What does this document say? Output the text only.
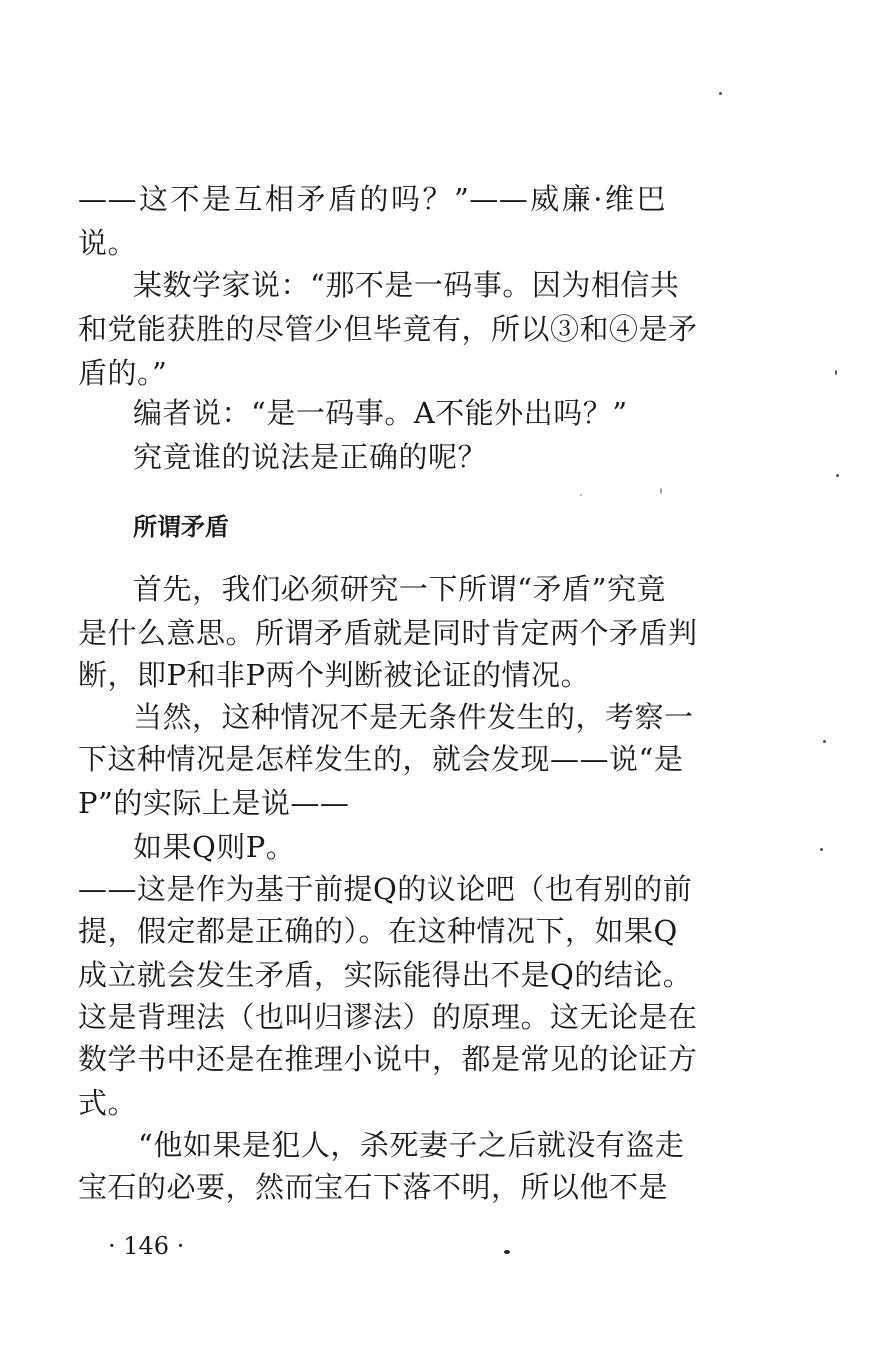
——这不是互相矛盾的吗？”——威廉·维巴
说。
某数学家说：“那不是一码事。因为相信共
和党能获胜的尽管少但毕竟有，所以③和④是矛
盾的。”
编者说：“是一码事。A不能外出吗？”
究竟谁的说法是正确的呢？
所谓矛盾
首先，我们必须研究一下所谓“矛盾”究竟
是什么意思。所谓矛盾就是同时肯定两个矛盾判
断，即P和非P两个判断被论证的情况。
当然，这种情况不是无条件发生的，考察一
下这种情况是怎样发生的，就会发现——说“是
P”的实际上是说——
如果Q则P。
——这是作为基于前提Q的议论吧（也有别的前
提，假定都是正确的）。在这种情况下，如果Q
成立就会发生矛盾，实际能得出不是Q的结论。
这是背理法（也叫归谬法）的原理。这无论是在
数学书中还是在推理小说中，都是常见的论证方
式。
“他如果是犯人，杀死妻子之后就没有盗走
宝石的必要，然而宝石下落不明，所以他不是
· 146 ·
